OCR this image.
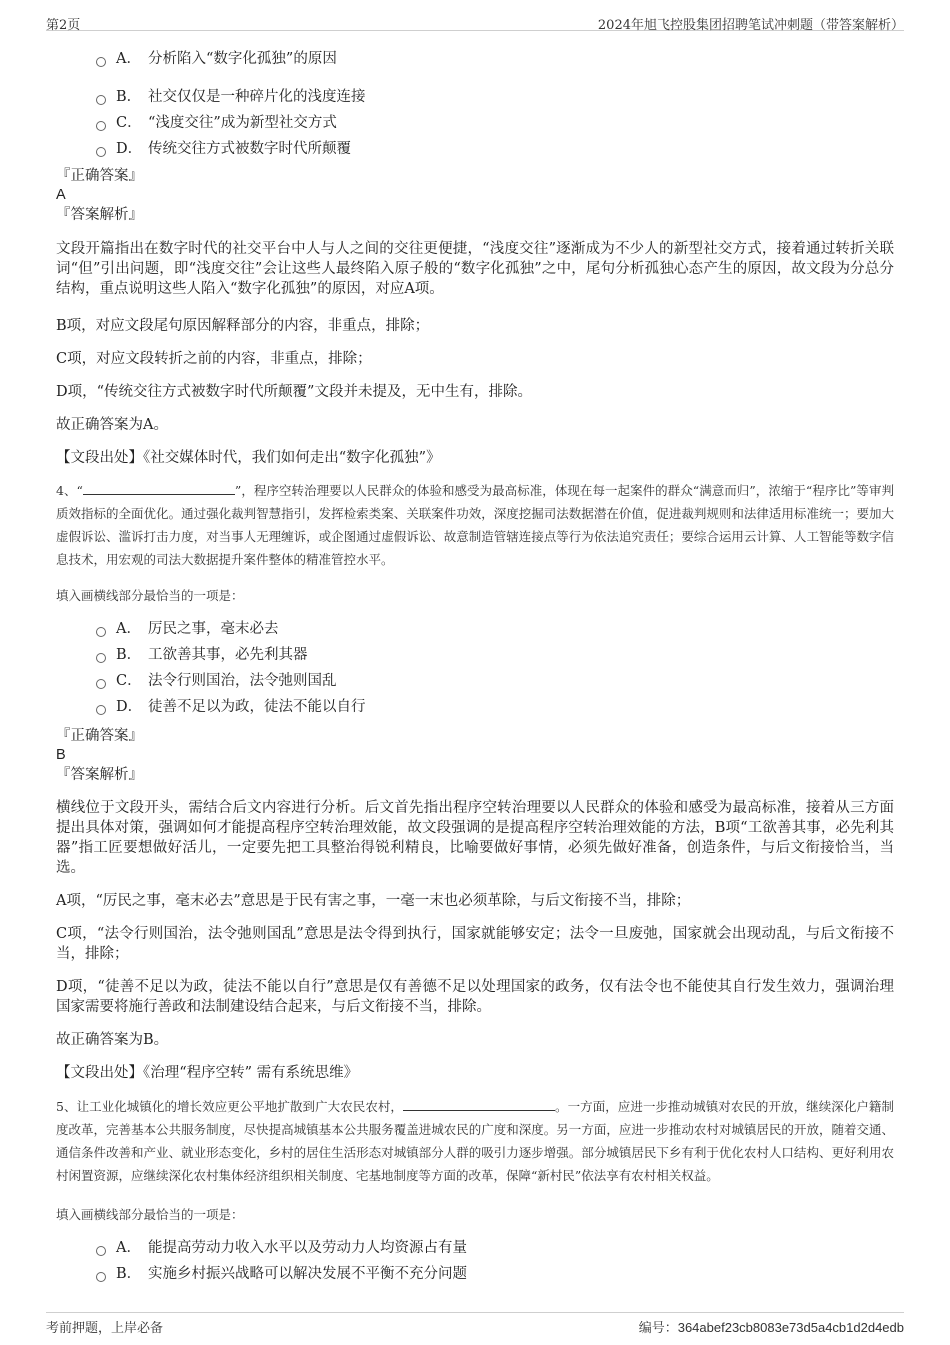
第2页	2024年旭飞控股集团招聘笔试冲刺题（带答案解析）
A． 分析陷入“数字化孤独”的原因
B． 社交仅仅是一种碎片化的浅度连接
C． “浅度交往”成为新型社交方式
D． 传统交往方式被数字时代所颠覆

『正确答案』

A

『答案解析』

文段开篇指出在数字时代的社交平台中人与人之间的交往更便捷，“浅度交往”逐渐成为不少人的新型社交方式，接着通过转折关联词“但”引出问题，即“浅度交往”会让这些人最终陷入原子般的“数字化孤独”之中，尾句分析孤独心态产生的原因，故文段为分总分结构，重点说明这些人陷入“数字化孤独”的原因，对应A项。

B项，对应文段尾句原因解释部分的内容，非重点，排除；

C项，对应文段转折之前的内容，非重点，排除；

D项，“传统交往方式被数字时代所颠覆”文段并未提及，无中生有，排除。

故正确答案为A。

【文段出处】《社交媒体时代，我们如何走出“数字化孤独”》

4、“	”，程序空转治理要以人民群众的体验和感受为最高标准，体现在每一起案件的群众“满意而归”，浓缩于“程序比”等审判质效指标的全面优化。通过强化裁判智慧指引，发挥检索类案、关联案件功效，深度挖掘司法数据潜在价值，促进裁判规则和法律适用标准统一；要加大虚假诉讼、滥诉打击力度，对当事人无理缠诉，或企图通过虚假诉讼、故意制造管辖连接点等行为依法追究责任；要综合运用云计算、人工智能等数字信息技术，用宏观的司法大数据提升案件整体的精准管控水平。

填入画横线部分最恰当的一项是：

A． 厉民之事，毫末必去
B． 工欲善其事，必先利其器
C． 法令行则国治，法令弛则国乱
D． 徒善不足以为政，徒法不能以自行

『正确答案』

B

『答案解析』

横线位于文段开头，需结合后文内容进行分析。后文首先指出程序空转治理要以人民群众的体验和感受为最高标准，接着从三方面提出具体对策，强调如何才能提高程序空转治理效能，故文段强调的是提高程序空转治理效能的方法，B项“工欲善其事，必先利其器”指工匠要想做好活儿，一定要先把工具整治得锐利精良，比喻要做好事情，必须先做好准备，创造条件，与后文衔接恰当，当选。

A项，“厉民之事，毫末必去”意思是于民有害之事，一毫一末也必须革除，与后文衔接不当，排除；

C项，“法令行则国治，法令弛则国乱”意思是法令得到执行，国家就能够安定；法令一旦废弛，国家就会出现动乱，与后文衔接不当，排除；

D项，“徒善不足以为政，徒法不能以自行”意思是仅有善德不足以处理国家的政务，仅有法令也不能使其自行发生效力，强调治理国家需要将施行善政和法制建设结合起来，与后文衔接不当，排除。

故正确答案为B。

【文段出处】《治理“程序空转” 需有系统思维》

5、让工业化城镇化的增长效应更公平地扩散到广大农民农村，	。一方面，应进一步推动城镇对农民的开放，继续深化户籍制度改革，完善基本公共服务制度，尽快提高城镇基本公共服务覆盖进城农民的广度和深度。另一方面，应进一步推动农村对城镇居民的开放，随着交通、通信条件改善和产业、就业形态变化，乡村的居住生活形态对城镇部分人群的吸引力逐步增强。部分城镇居民下乡有利于优化农村人口结构、更好利用农村闲置资源，应继续深化农村集体经济组织相关制度、宅基地制度等方面的改革，保障“新村民”依法享有农村相关权益。

填入画横线部分最恰当的一项是：

A． 能提高劳动力收入水平以及劳动力人均资源占有量
B． 实施乡村振兴战略可以解决发展不平衡不充分问题
考前押题，上岸必备	编号：364abef23cb8083e73d5a4cb1d2d4edb
